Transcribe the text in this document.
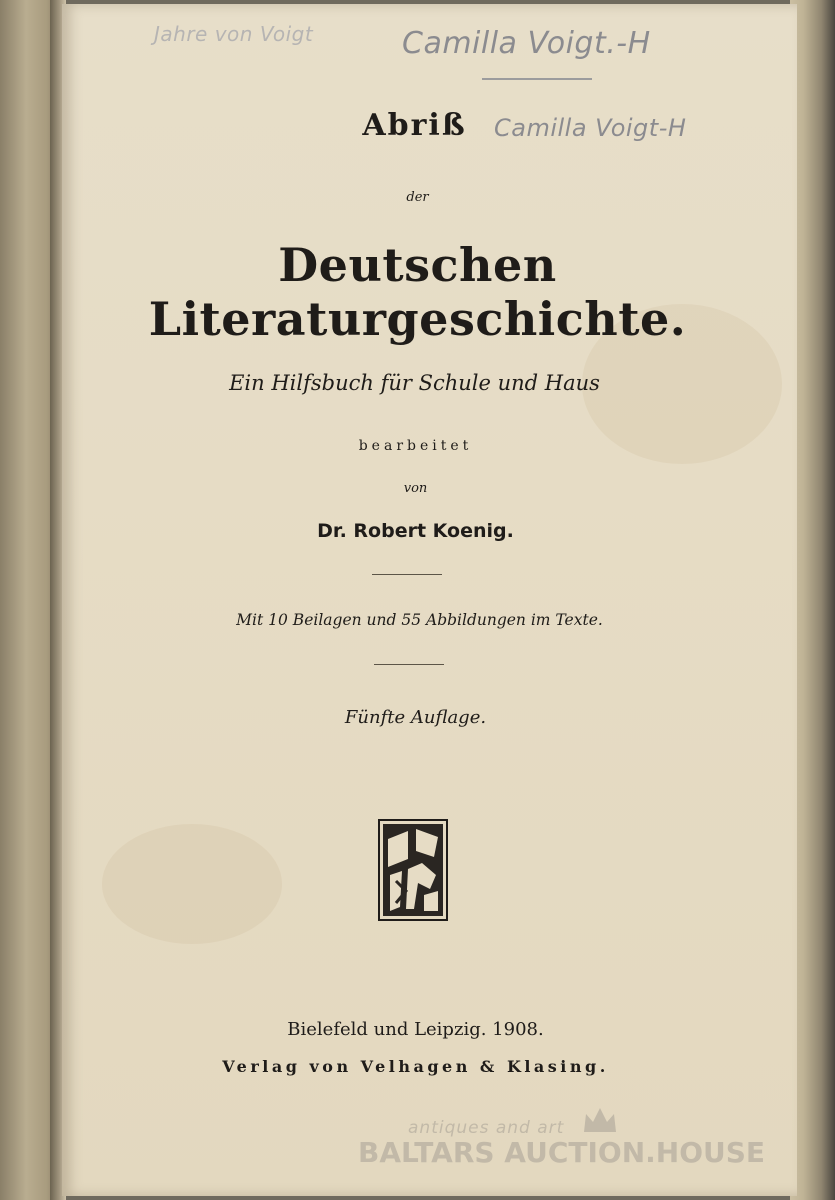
Jahre von Voigt	Camilla Voigt.-H
Camilla Voigt-H
Abriß
der
Deutschen Literaturgeschichte.
Ein Hilfsbuch für Schule und Haus
bearbeitet
von
Dr. Robert Koenig.
Mit 10 Beilagen und 55 Abbildungen im Texte.
Fünfte Auflage.
Bielefeld und Leipzig. 1908.
Verlag von Velhagen & Klasing.
antiques and art
BALTARS AUCTION.HOUSE
